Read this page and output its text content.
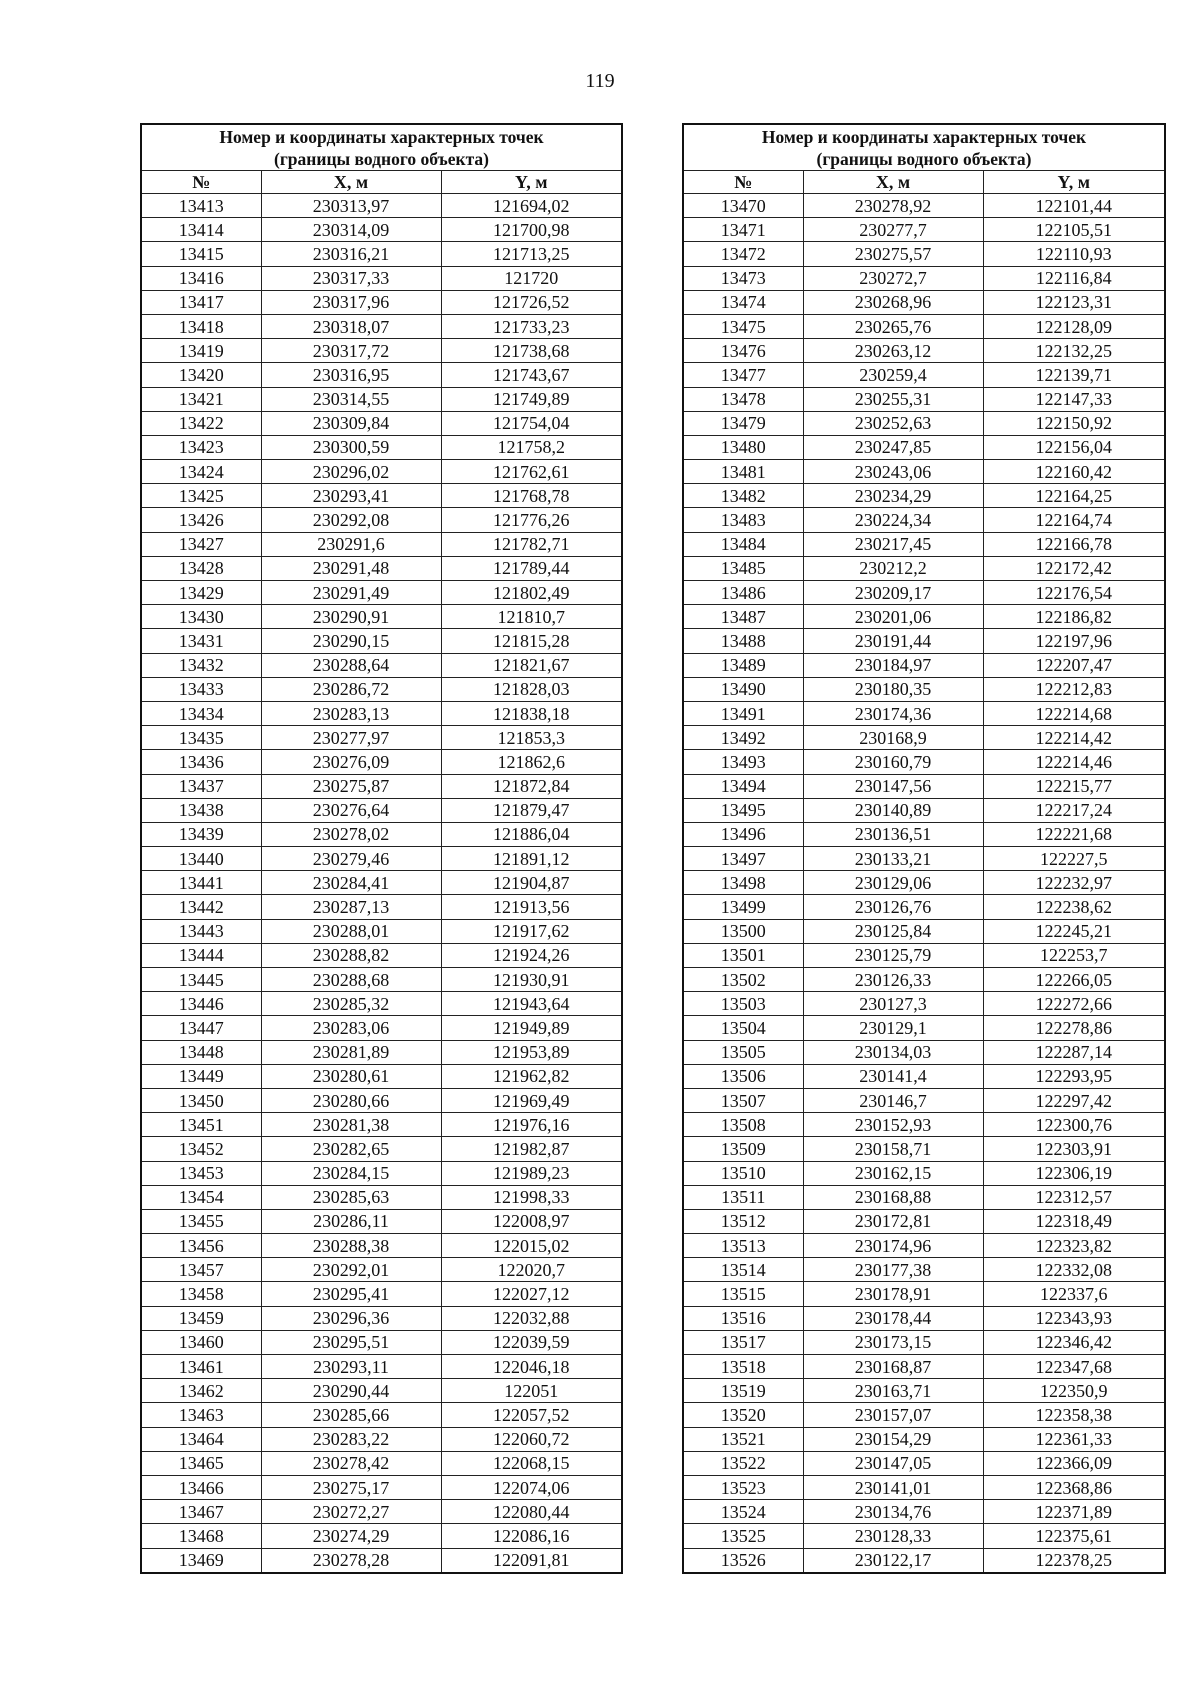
119
Номер и координаты характерных точек
(границы водного объекта)		
№	X, м	Y, м
13413	230313,97	121694,02
13414	230314,09	121700,98
13415	230316,21	121713,25
13416	230317,33	121720
13417	230317,96	121726,52
13418	230318,07	121733,23
13419	230317,72	121738,68
13420	230316,95	121743,67
13421	230314,55	121749,89
13422	230309,84	121754,04
13423	230300,59	121758,2
13424	230296,02	121762,61
13425	230293,41	121768,78
13426	230292,08	121776,26
13427	230291,6	121782,71
13428	230291,48	121789,44
13429	230291,49	121802,49
13430	230290,91	121810,7
13431	230290,15	121815,28
13432	230288,64	121821,67
13433	230286,72	121828,03
13434	230283,13	121838,18
13435	230277,97	121853,3
13436	230276,09	121862,6
13437	230275,87	121872,84
13438	230276,64	121879,47
13439	230278,02	121886,04
13440	230279,46	121891,12
13441	230284,41	121904,87
13442	230287,13	121913,56
13443	230288,01	121917,62
13444	230288,82	121924,26
13445	230288,68	121930,91
13446	230285,32	121943,64
13447	230283,06	121949,89
13448	230281,89	121953,89
13449	230280,61	121962,82
13450	230280,66	121969,49
13451	230281,38	121976,16
13452	230282,65	121982,87
13453	230284,15	121989,23
13454	230285,63	121998,33
13455	230286,11	122008,97
13456	230288,38	122015,02
13457	230292,01	122020,7
13458	230295,41	122027,12
13459	230296,36	122032,88
13460	230295,51	122039,59
13461	230293,11	122046,18
13462	230290,44	122051
13463	230285,66	122057,52
13464	230283,22	122060,72
13465	230278,42	122068,15
13466	230275,17	122074,06
13467	230272,27	122080,44
13468	230274,29	122086,16
13469	230278,28	122091,81
Номер и координаты характерных точек
(границы водного объекта)		
№	X, м	Y, м
13470	230278,92	122101,44
13471	230277,7	122105,51
13472	230275,57	122110,93
13473	230272,7	122116,84
13474	230268,96	122123,31
13475	230265,76	122128,09
13476	230263,12	122132,25
13477	230259,4	122139,71
13478	230255,31	122147,33
13479	230252,63	122150,92
13480	230247,85	122156,04
13481	230243,06	122160,42
13482	230234,29	122164,25
13483	230224,34	122164,74
13484	230217,45	122166,78
13485	230212,2	122172,42
13486	230209,17	122176,54
13487	230201,06	122186,82
13488	230191,44	122197,96
13489	230184,97	122207,47
13490	230180,35	122212,83
13491	230174,36	122214,68
13492	230168,9	122214,42
13493	230160,79	122214,46
13494	230147,56	122215,77
13495	230140,89	122217,24
13496	230136,51	122221,68
13497	230133,21	122227,5
13498	230129,06	122232,97
13499	230126,76	122238,62
13500	230125,84	122245,21
13501	230125,79	122253,7
13502	230126,33	122266,05
13503	230127,3	122272,66
13504	230129,1	122278,86
13505	230134,03	122287,14
13506	230141,4	122293,95
13507	230146,7	122297,42
13508	230152,93	122300,76
13509	230158,71	122303,91
13510	230162,15	122306,19
13511	230168,88	122312,57
13512	230172,81	122318,49
13513	230174,96	122323,82
13514	230177,38	122332,08
13515	230178,91	122337,6
13516	230178,44	122343,93
13517	230173,15	122346,42
13518	230168,87	122347,68
13519	230163,71	122350,9
13520	230157,07	122358,38
13521	230154,29	122361,33
13522	230147,05	122366,09
13523	230141,01	122368,86
13524	230134,76	122371,89
13525	230128,33	122375,61
13526	230122,17	122378,25
